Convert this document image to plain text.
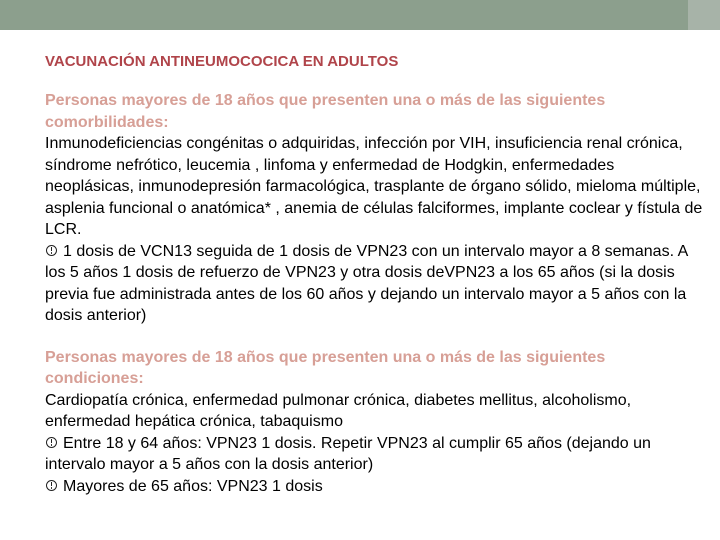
VACUNACIÓN ANTINEUMOCOCICA EN ADULTOS

Personas mayores de 18 años que presenten una o más de las siguientes comorbilidades:

Inmunodeficiencias congénitas o adquiridas, infección por VIH, insuficiencia renal crónica, síndrome nefrótico, leucemia , linfoma y enfermedad de Hodgkin, enfermedades neoplásicas, inmunodepresión farmacológica, trasplante de órgano sólido, mieloma múltiple, asplenia funcional o anatómica* , anemia de células falciformes, implante coclear y fístula de LCR.

1 dosis de VCN13 seguida de 1 dosis de VPN23 con un intervalo mayor a 8 semanas. A los 5 años 1 dosis de refuerzo de VPN23 y otra dosis deVPN23 a los 65 años (si la dosis previa fue administrada antes de los 60 años y dejando un intervalo mayor a 5 años con la dosis anterior)

Personas mayores de 18 años que presenten una o más de las siguientes condiciones:

Cardiopatía crónica, enfermedad pulmonar crónica, diabetes mellitus, alcoholismo, enfermedad hepática crónica, tabaquismo

Entre 18 y 64 años: VPN23 1 dosis. Repetir VPN23 al cumplir 65 años (dejando un intervalo mayor a 5 años con la dosis anterior)

Mayores de 65 años: VPN23 1 dosis
